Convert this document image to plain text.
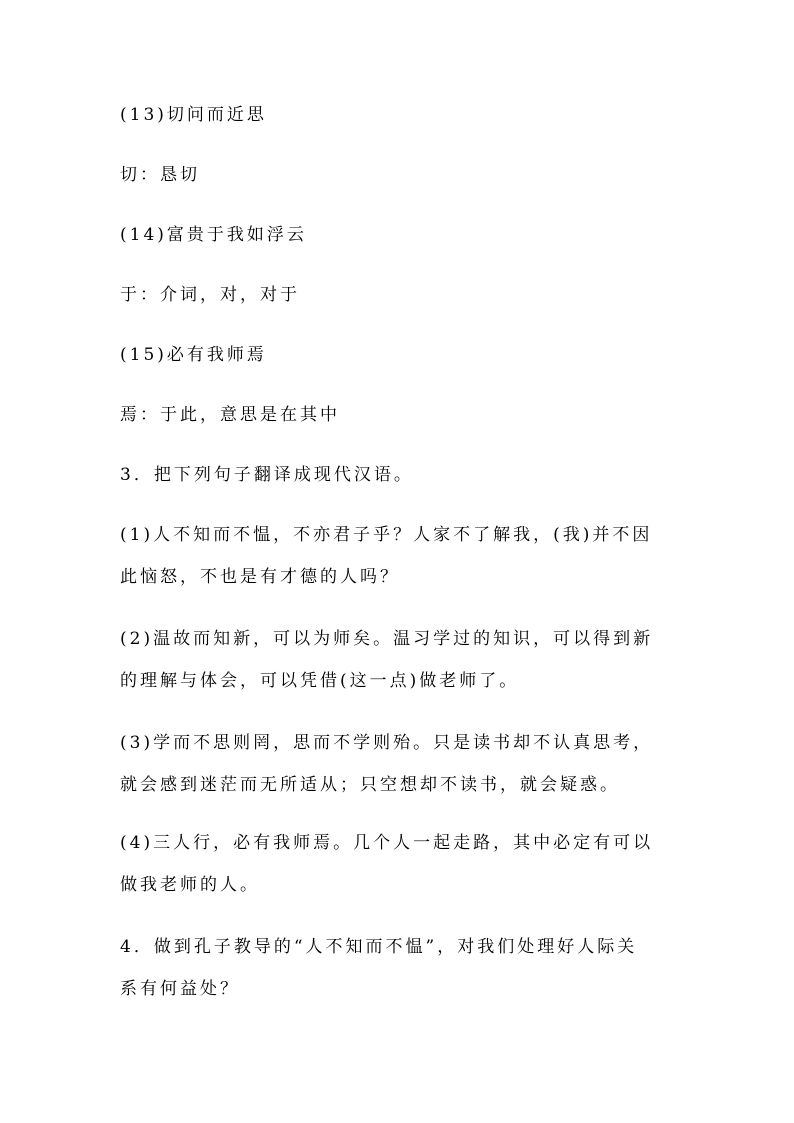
(13)切问而近思
切：恳切
(14)富贵于我如浮云
于：介词，对，对于
(15)必有我师焉
焉：于此，意思是在其中
3．把下列句子翻译成现代汉语。
(1)人不知而不愠，不亦君子乎？人家不了解我，(我)并不因
此恼怒，不也是有才德的人吗？
(2)温故而知新，可以为师矣。温习学过的知识，可以得到新
的理解与体会，可以凭借(这一点)做老师了。
(3)学而不思则罔，思而不学则殆。只是读书却不认真思考，
就会感到迷茫而无所适从；只空想却不读书，就会疑惑。
(4)三人行，必有我师焉。几个人一起走路，其中必定有可以
做我老师的人。
4．做到孔子教导的“人不知而不愠”，对我们处理好人际关
系有何益处？
